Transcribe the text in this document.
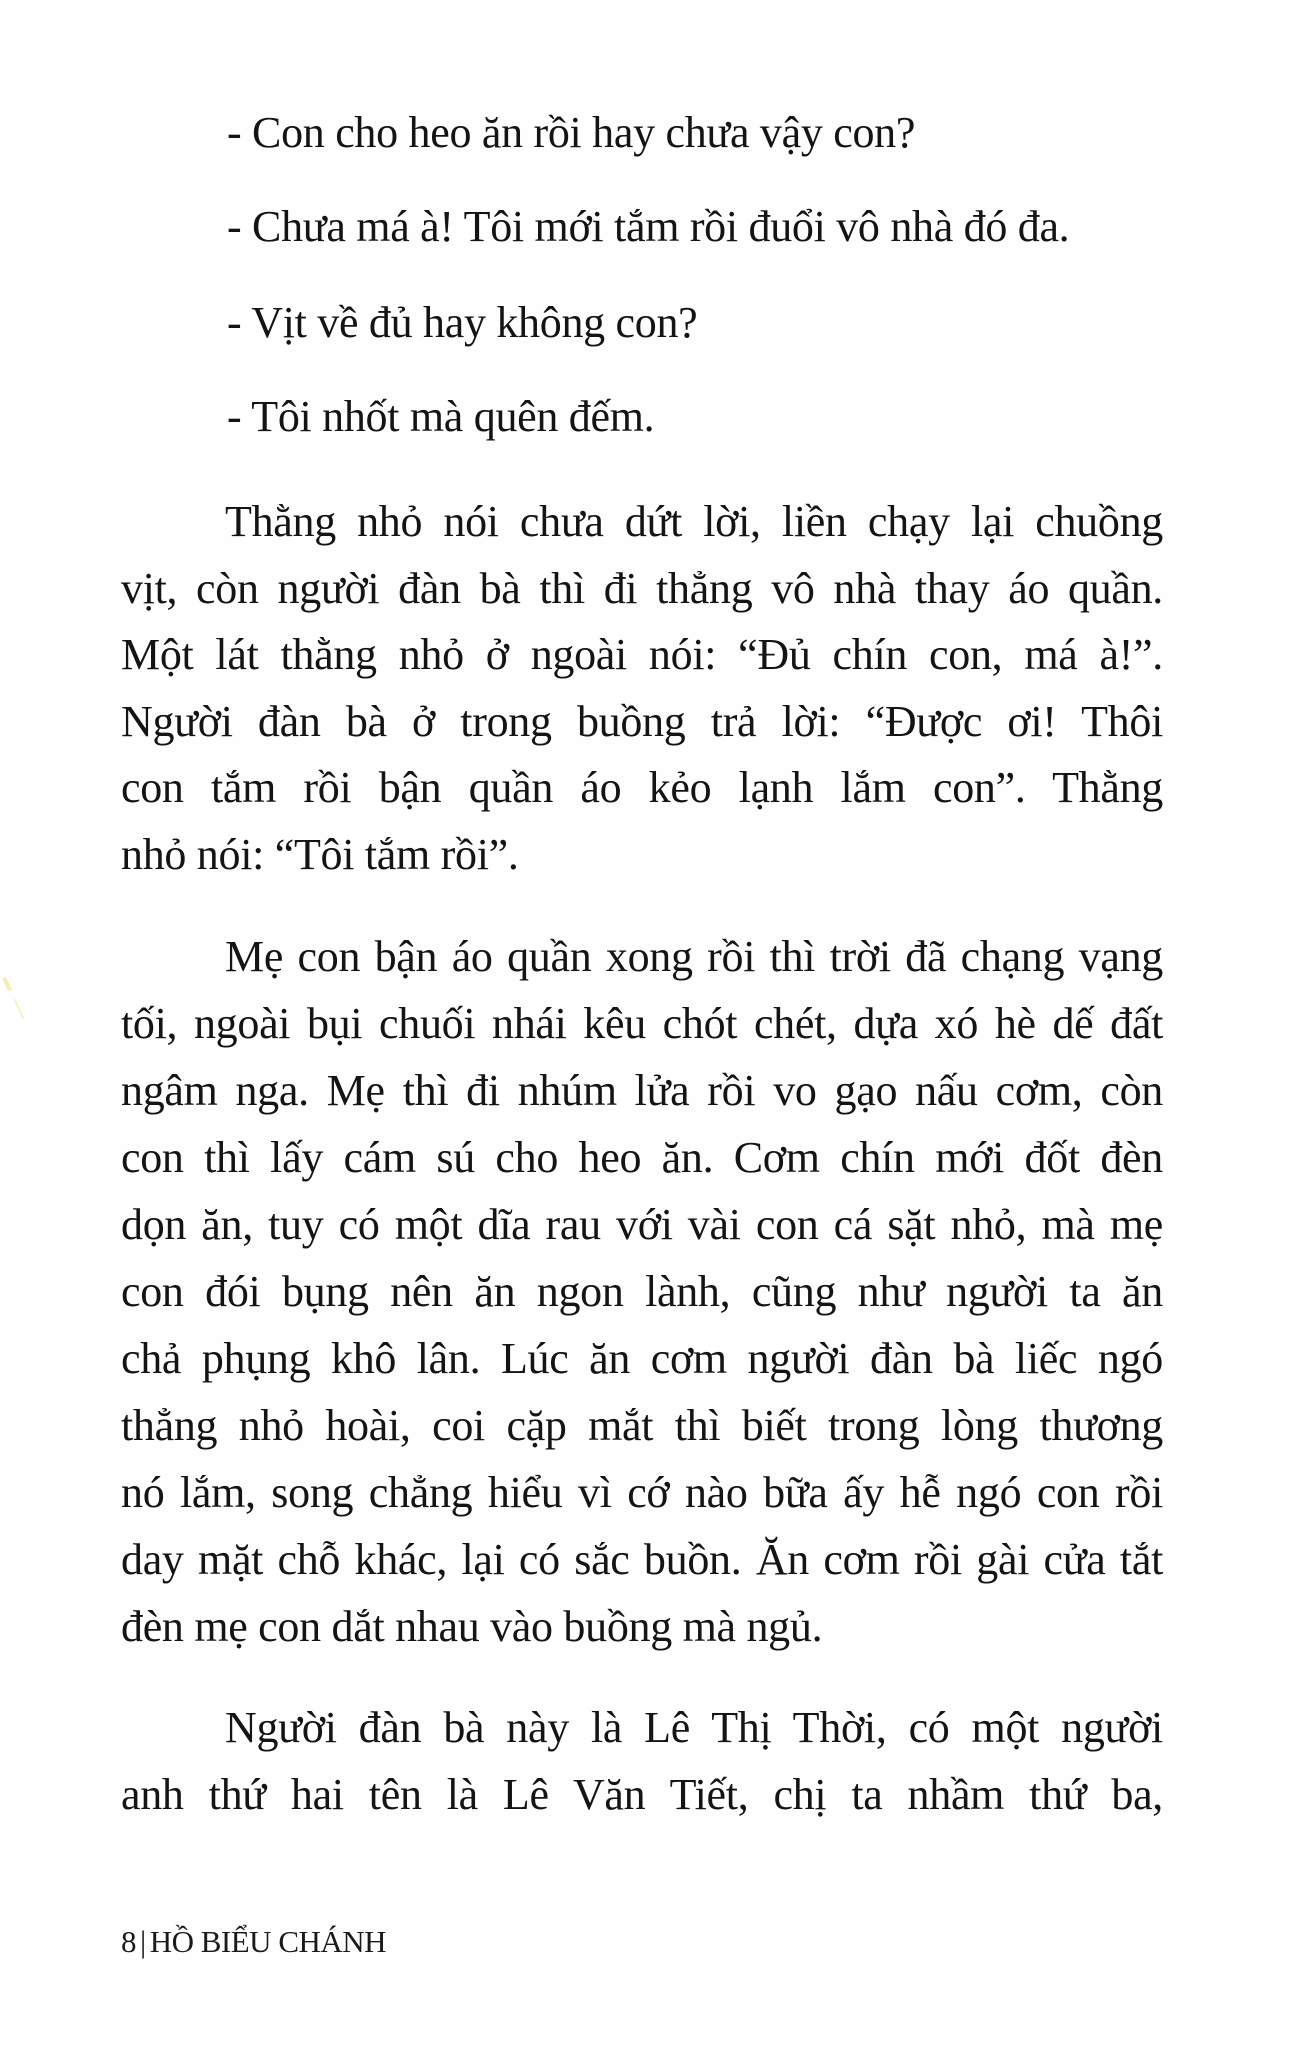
- Con cho heo ăn rồi hay chưa vậy con?
- Chưa má à! Tôi mới tắm rồi đuổi vô nhà đó đa.
- Vịt về đủ hay không con?
- Tôi nhốt mà quên đếm.
Thằng nhỏ nói chưa dứt lời, liền chạy lại chuồng
vịt, còn người đàn bà thì đi thẳng vô nhà thay áo quần.
Một lát thằng nhỏ ở ngoài nói: “Đủ chín con, má à!”.
Người đàn bà ở trong buồng trả lời: “Được ơi! Thôi
con tắm rồi bận quần áo kẻo lạnh lắm con”. Thằng
nhỏ nói: “Tôi tắm rồi”.
Mẹ con bận áo quần xong rồi thì trời đã chạng vạng
tối, ngoài bụi chuối nhái kêu chót chét, dựa xó hè dế đất
ngâm nga. Mẹ thì đi nhúm lửa rồi vo gạo nấu cơm, còn
con thì lấy cám sú cho heo ăn. Cơm chín mới đốt đèn
dọn ăn, tuy có một dĩa rau với vài con cá sặt nhỏ, mà mẹ
con đói bụng nên ăn ngon lành, cũng như người ta ăn
chả phụng khô lân. Lúc ăn cơm người đàn bà liếc ngó
thẳng nhỏ hoài, coi cặp mắt thì biết trong lòng thương
nó lắm, song chẳng hiểu vì cớ nào bữa ấy hễ ngó con rồi
day mặt chỗ khác, lại có sắc buồn. Ăn cơm rồi gài cửa tắt
đèn mẹ con dắt nhau vào buồng mà ngủ.
Người đàn bà này là Lê Thị Thời, có một người
anh thứ hai tên là Lê Văn Tiết, chị ta nhầm thứ ba,
8 | HỒ BIỂU CHÁNH
